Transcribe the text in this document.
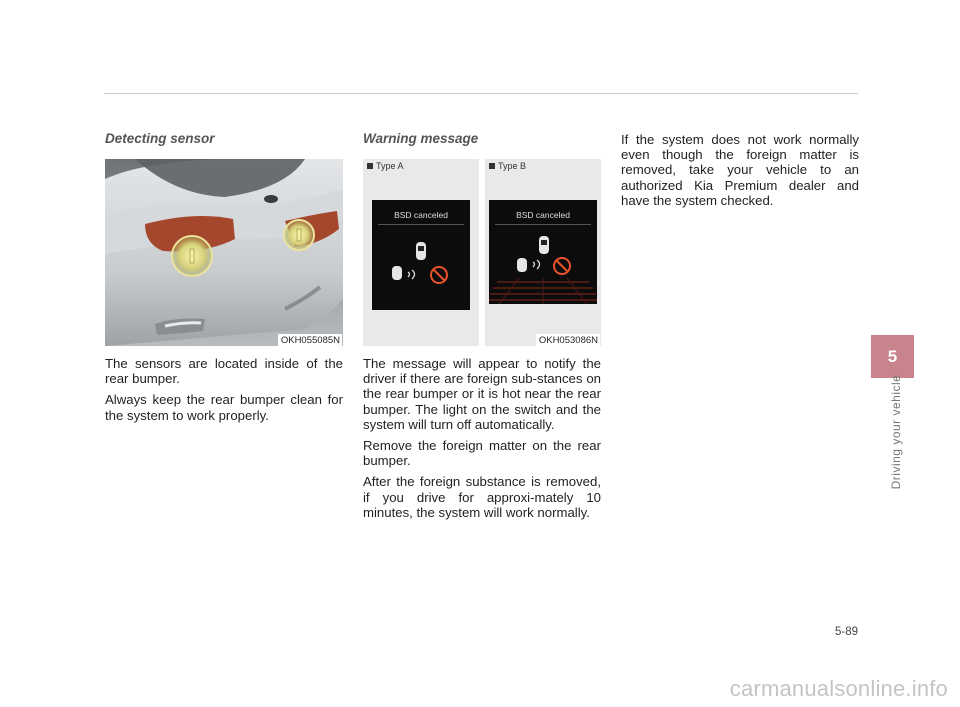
Detecting sensor
OKH055085N

The sensors are located inside of the rear bumper.

Always keep the rear bumper clean for the system to work properly.

Warning message
Type A
BSD canceled
Type B
BSD canceled
OKH053086N

The message will appear to notify the driver if there are foreign sub-stances on the rear bumper or it is hot near the rear bumper. The light on the switch and the system will turn off automatically.

Remove the foreign matter on the rear bumper.

After the foreign substance is removed, if you drive for approxi-mately 10 minutes, the system will work normally.

If the system does not work normally even though the foreign matter is removed, take your vehicle to an authorized Kia Premium dealer and have the system checked.

5
Driving your vehicle
5-89
carmanualsonline.info
